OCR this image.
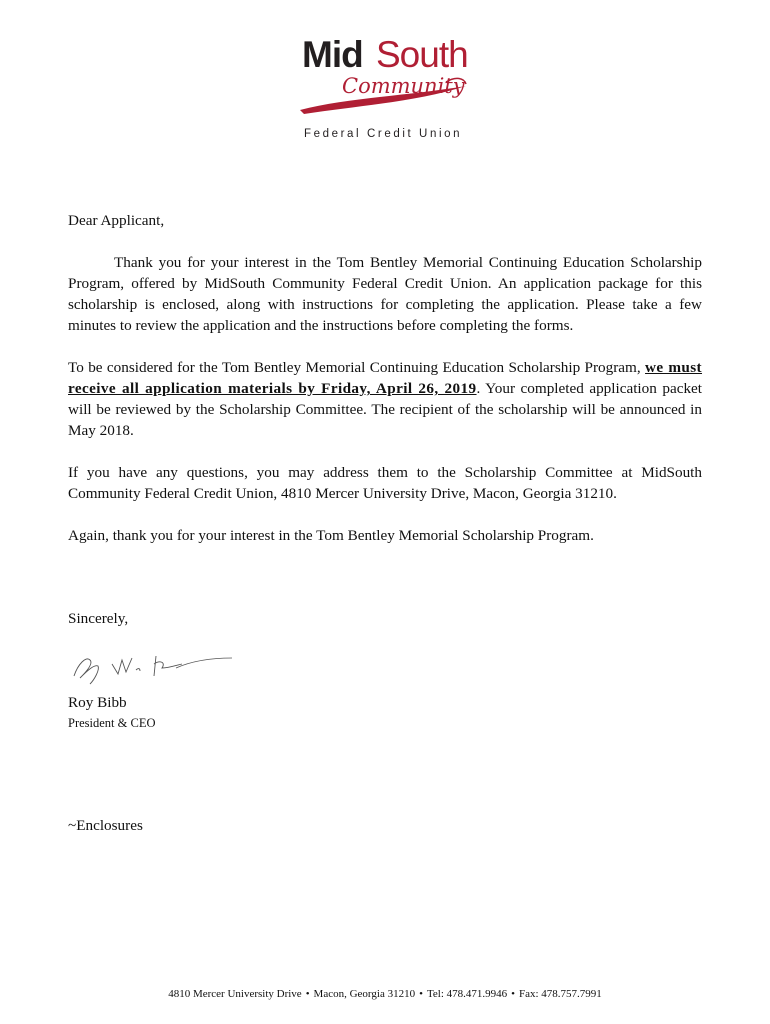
Mid South
Community
Federal Credit Union

Dear Applicant,

Thank you for your interest in the Tom Bentley Memorial Continuing Education Scholarship Program, offered by MidSouth Community Federal Credit Union. An application package for this scholarship is enclosed, along with instructions for completing the application. Please take a few minutes to review the application and the instructions before completing the forms.

To be considered for the Tom Bentley Memorial Continuing Education Scholarship Program, we must receive all application materials by Friday, April 26, 2019. Your completed application packet will be reviewed by the Scholarship Committee. The recipient of the scholarship will be announced in May 2018.

If you have any questions, you may address them to the Scholarship Committee at MidSouth Community Federal Credit Union, 4810 Mercer University Drive, Macon, Georgia 31210.

Again, thank you for your interest in the Tom Bentley Memorial Scholarship Program.

Sincerely,
Roy Bibb
President & CEO
~Enclosures
4810 Mercer University Drive • Macon, Georgia 31210 • Tel: 478.471.9946 • Fax: 478.757.7991
